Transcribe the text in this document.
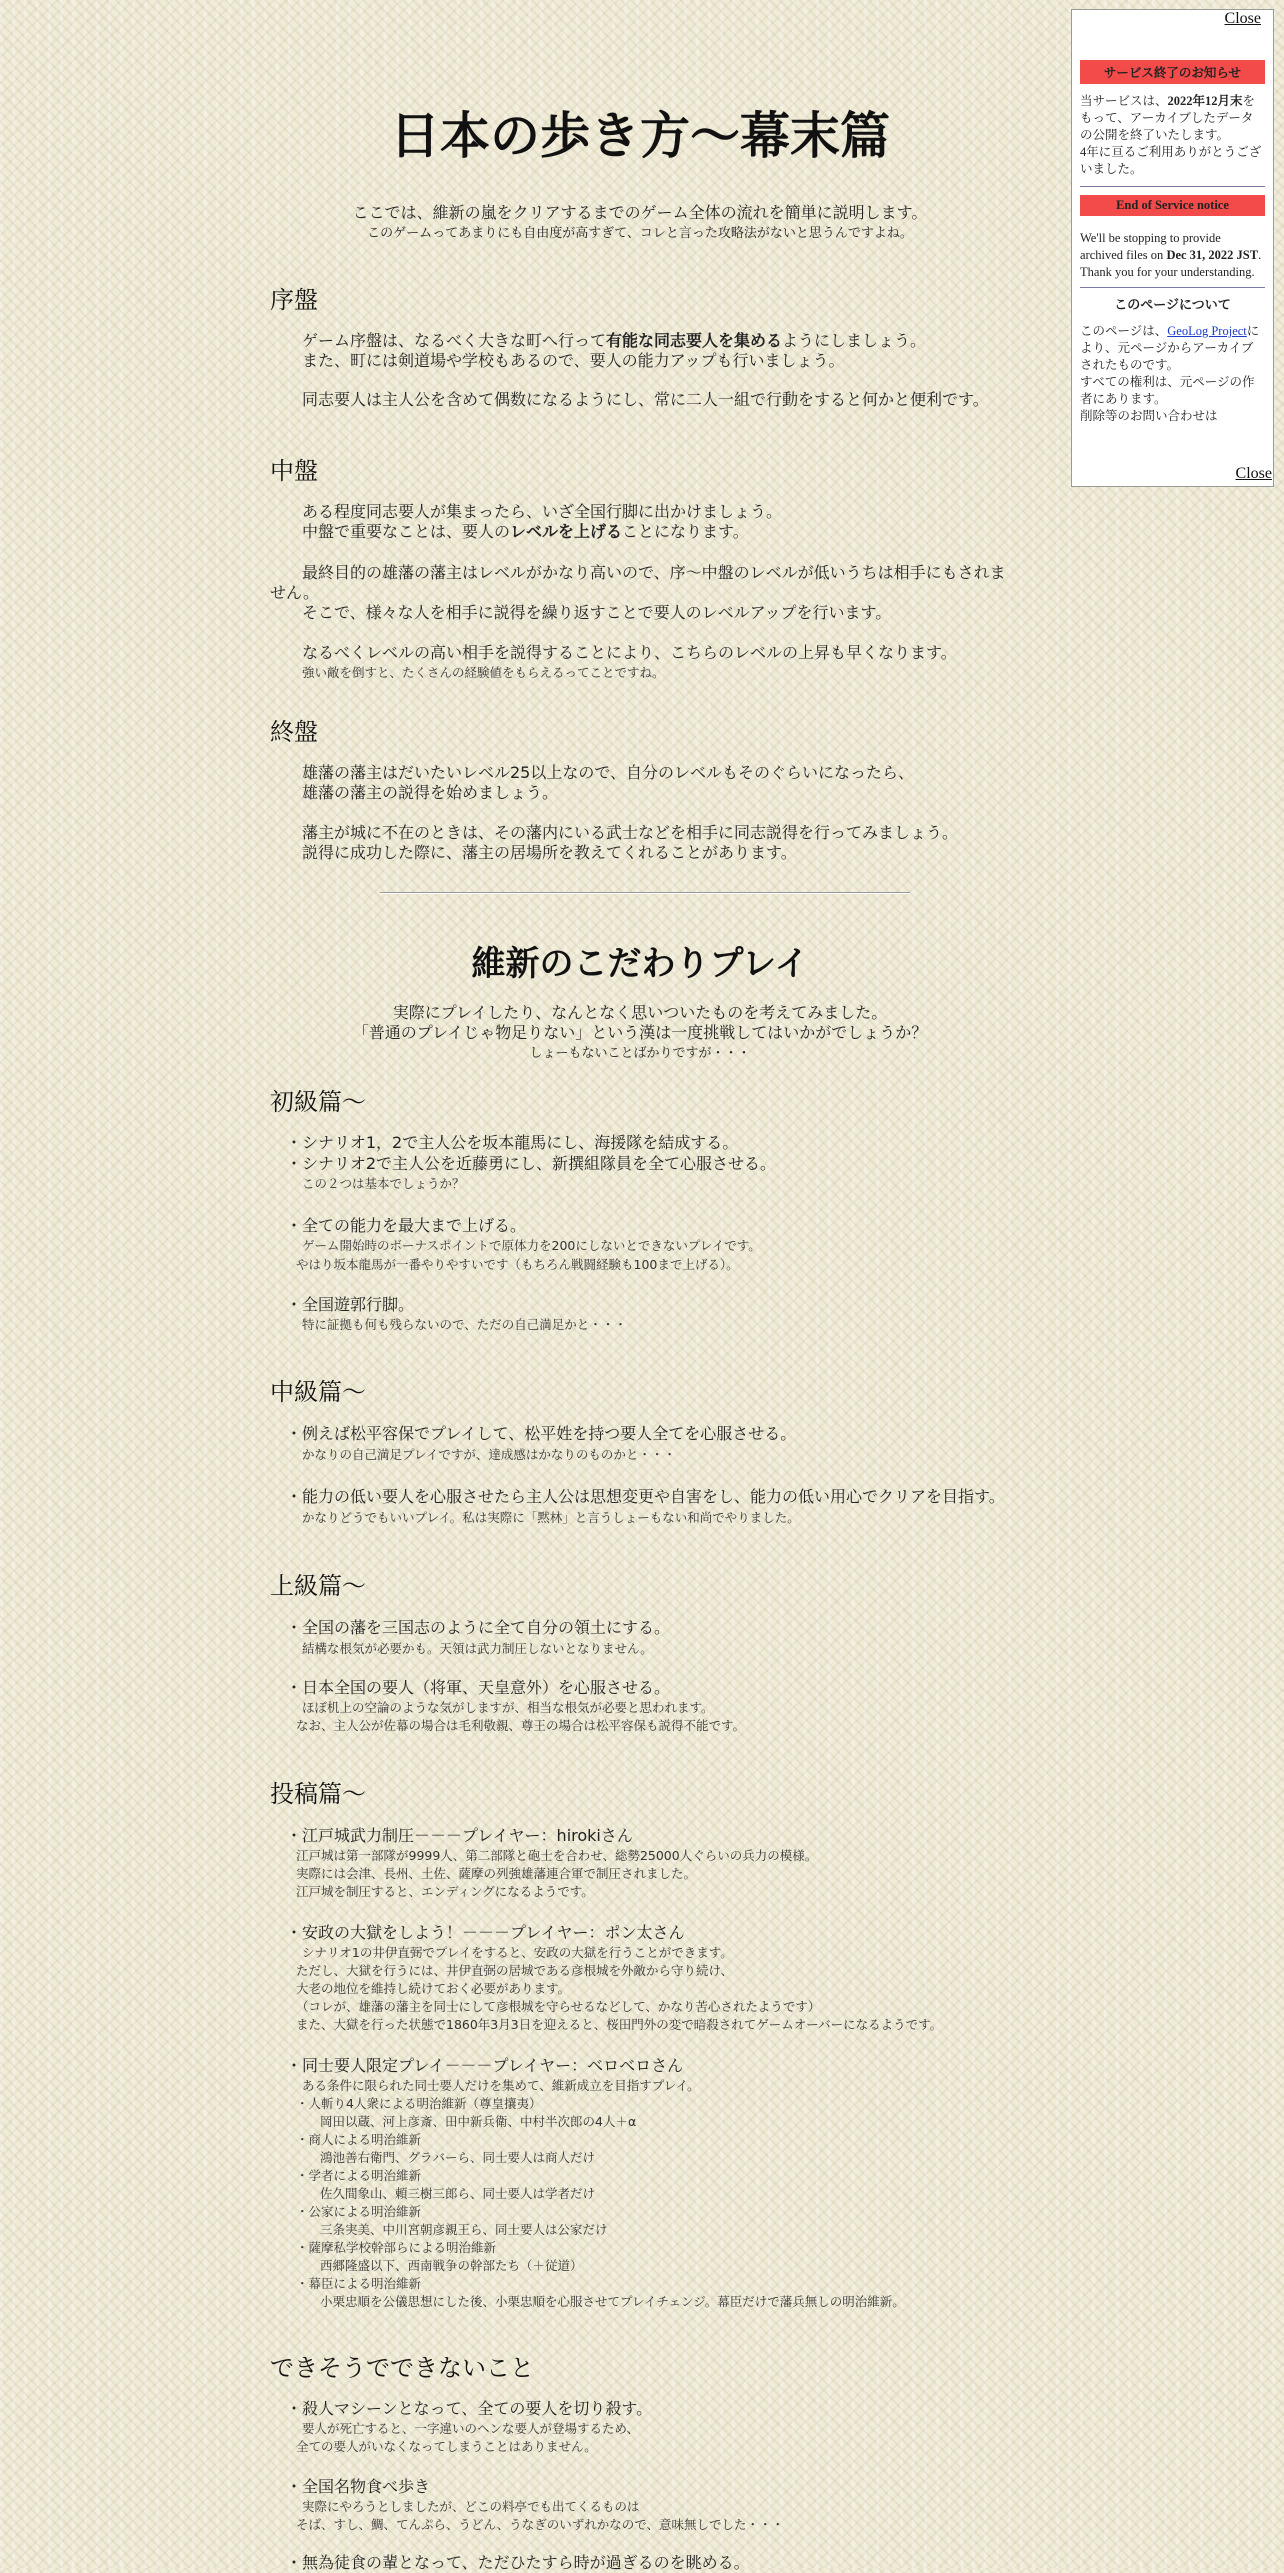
日本の歩き方～幕末篇
ここでは、維新の嵐をクリアするまでのゲーム全体の流れを簡単に説明します。
このゲームってあまりにも自由度が高すぎて、コレと言った攻略法がないと思うんですよね。
序盤
ゲーム序盤は、なるべく大きな町へ行って有能な同志要人を集めるようにしましょう。
また、町には剣道場や学校もあるので、要人の能力アップも行いましょう。
同志要人は主人公を含めて偶数になるようにし、常に二人一組で行動をすると何かと便利です。
中盤
ある程度同志要人が集まったら、いざ全国行脚に出かけましょう。
中盤で重要なことは、要人のレベルを上げることになります。
最終目的の雄藩の藩主はレベルがかなり高いので、序～中盤のレベルが低いうちは相手にもされま
せん。
そこで、様々な人を相手に説得を繰り返すことで要人のレベルアップを行います。
なるべくレベルの高い相手を説得することにより、こちらのレベルの上昇も早くなります。
強い敵を倒すと、たくさんの経験値をもらえるってことですね。
終盤
雄藩の藩主はだいたいレベル25以上なので、自分のレベルもそのぐらいになったら、
雄藩の藩主の説得を始めましょう。
藩主が城に不在のときは、その藩内にいる武士などを相手に同志説得を行ってみましょう。
説得に成功した際に、藩主の居場所を教えてくれることがあります。
維新のこだわりプレイ
実際にプレイしたり、なんとなく思いついたものを考えてみました。
「普通のプレイじゃ物足りない」という漢は一度挑戦してはいかがでしょうか？
しょーもないことばかりですが・・・
初級篇～
・シナリオ1，2で主人公を坂本龍馬にし、海援隊を結成する。
・シナリオ2で主人公を近藤勇にし、新撰組隊員を全て心服させる。
この２つは基本でしょうか？
・全ての能力を最大まで上げる。
ゲーム開始時のボーナスポイントで原体力を200にしないとできないプレイです。
やはり坂本龍馬が一番やりやすいです（もちろん戦闘経験も100まで上げる）。
・全国遊郭行脚。
特に証拠も何も残らないので、ただの自己満足かと・・・
中級篇～
・例えば松平容保でプレイして、松平姓を持つ要人全てを心服させる。
かなりの自己満足プレイですが、達成感はかなりのものかと・・・
・能力の低い要人を心服させたら主人公は思想変更や自害をし、能力の低い用心でクリアを目指す。
かなりどうでもいいプレイ。私は実際に「黙林」と言うしょーもない和尚でやりました。
上級篇～
・全国の藩を三国志のように全て自分の領土にする。
結構な根気が必要かも。天領は武力制圧しないとなりません。
・日本全国の要人（将軍、天皇意外）を心服させる。
ほぼ机上の空論のような気がしますが、相当な根気が必要と思われます。
なお、主人公が佐幕の場合は毛利敬親、尊王の場合は松平容保も説得不能です。
投稿篇～
・江戸城武力制圧－－－プレイヤー：hirokiさん
江戸城は第一部隊が9999人、第二部隊と砲士を合わせ、総勢25000人ぐらいの兵力の模様。
実際には会津、長州、土佐、薩摩の列強雄藩連合軍で制圧されました。
江戸城を制圧すると、エンディングになるようです。
・安政の大獄をしよう！－－－プレイヤー：ポン太さん
シナリオ1の井伊直弼でプレイをすると、安政の大獄を行うことができます。
ただし、大獄を行うには、井伊直弼の居城である彦根城を外敵から守り続け、
大老の地位を維持し続けておく必要があります。
（コレが、雄藩の藩主を同士にして彦根城を守らせるなどして、かなり苦心されたようです）
また、大獄を行った状態で1860年3月3日を迎えると、桜田門外の変で暗殺されてゲームオーバーになるようです。
・同士要人限定プレイ－－－プレイヤー：ベロベロさん
ある条件に限られた同士要人だけを集めて、維新成立を目指すプレイ。
・人斬り4人衆による明治維新（尊皇攘夷）
岡田以蔵、河上彦斎、田中新兵衛、中村半次郎の4人＋α
・商人による明治維新
鴻池善右衛門、グラバーら、同士要人は商人だけ
・学者による明治維新
佐久間象山、頼三樹三郎ら、同士要人は学者だけ
・公家による明治維新
三条実美、中川宮朝彦親王ら、同士要人は公家だけ
・薩摩私学校幹部らによる明治維新
西郷隆盛以下、西南戦争の幹部たち（＋従道）
・幕臣による明治維新
小栗忠順を公儀思想にした後、小栗忠順を心服させてプレイチェンジ。幕臣だけで藩兵無しの明治維新。
できそうでできないこと
・殺人マシーンとなって、全ての要人を切り殺す。
要人が死亡すると、一字違いのヘンな要人が登場するため、
全ての要人がいなくなってしまうことはありません。
・全国名物食べ歩き
実際にやろうとしましたが、どこの料亭でも出てくるものは
そば、すし、鯛、てんぷら、うどん、うなぎのいずれかなので、意味無しでした・・・
・無為徒食の輩となって、ただひたすら時が過ぎるのを眺める。
Close
サービス終了のお知らせ
当サービスは、2022年12月末をもって、アーカイブしたデータの公開を終了いたします。
4年に亘るご利用ありがとうございました。
End of Service notice
We'll be stopping to provide archived files on Dec 31, 2022 JST. Thank you for your understanding.
このページについて
このページは、GeoLog Projectにより、元ページからアーカイブされたものです。
すべての権利は、元ページの作者にあります。
削除等のお問い合わせは
Close
